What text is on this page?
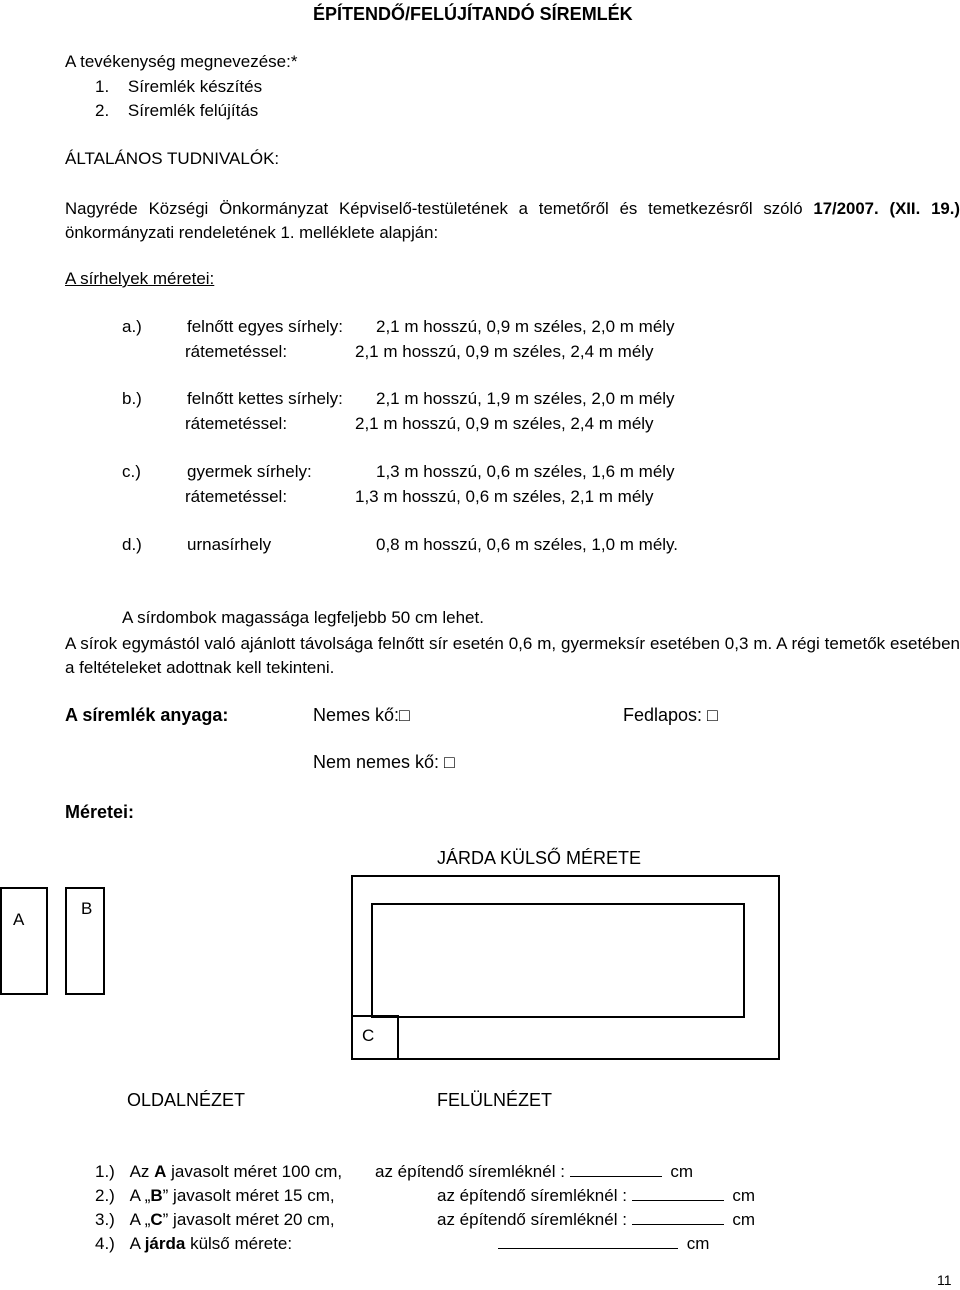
ÉPÍTENDŐ/FELÚJÍTANDÓ SÍREMLÉK
A tevékenység megnevezése:*
1. Síremlék készítés
2. Síremlék felújítás
ÁLTALÁNOS TUDNIVALÓK:
Nagyréde Községi Önkormányzat Képviselő-testületének a temetőről és temetkezésről szóló 17/2007. (XII. 19.) önkormányzati rendeletének 1. melléklete alapján:
A sírhelyek méretei:
a.)	felnőtt egyes sírhely: 2,1 m hosszú, 0,9 m széles, 2,0 m mély
rátemetéssel:	2,1 m hosszú, 0,9 m széles, 2,4 m mély
b.)	felnőtt kettes sírhely: 2,1 m hosszú, 1,9 m széles, 2,0 m mély
rátemetéssel:	2,1 m hosszú, 0,9 m széles, 2,4 m mély
c.)	gyermek sírhely:	1,3 m hosszú, 0,6 m széles, 1,6 m mély
rátemetéssel:	1,3 m hosszú, 0,6 m széles, 2,1 m mély
d.)	urnasírhely	0,8 m hosszú, 0,6 m széles, 1,0 m mély.
A sírdombok magassága legfeljebb 50 cm lehet.
A sírok egymástól való ajánlott távolsága felnőtt sír esetén 0,6 m, gyermeksír esetében 0,3 m. A régi temetők esetében a feltételeket adottnak kell tekinteni.
A síremlék anyaga:	Nemes kő:□	Fedlapos: □
Nem nemes kő: □
Méretei:
JÁRDA KÜLSŐ MÉRETE
A
B
C
OLDALNÉZET	FELÜLNÉZET
1.) Az A javasolt méret 100 cm, az építendő síremléknél :	cm
2.) A „B” javasolt méret 15 cm,	az építendő síremléknél :	cm
3.) A „C” javasolt méret 20 cm,	az építendő síremléknél :	cm
4.) A járda külső mérete:	cm
11
